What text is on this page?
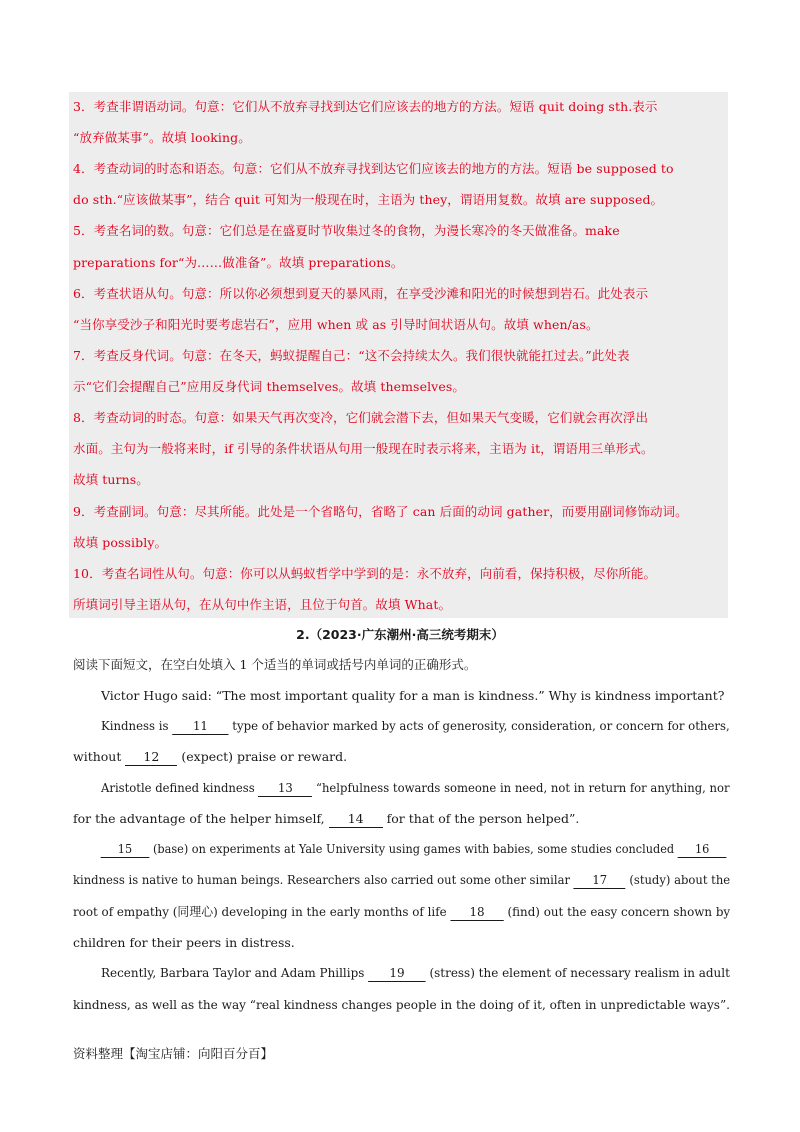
3．考查非谓语动词。句意：它们从不放弃寻找到达它们应该去的地方的方法。短语 quit doing sth.表示
“放弃做某事”。故填 looking。
4．考查动词的时态和语态。句意：它们从不放弃寻找到达它们应该去的地方的方法。短语 be supposed to
do sth.“应该做某事”，结合 quit 可知为一般现在时，主语为 they，谓语用复数。故填 are supposed。
5．考查名词的数。句意：它们总是在盛夏时节收集过冬的食物，为漫长寒冷的冬天做准备。make
preparations for“为……做准备”。故填 preparations。
6．考查状语从句。句意：所以你必须想到夏天的暴风雨，在享受沙滩和阳光的时候想到岩石。此处表示
“当你享受沙子和阳光时要考虑岩石”，应用 when 或 as 引导时间状语从句。故填 when/as。
7．考查反身代词。句意：在冬天，蚂蚁提醒自己：“这不会持续太久。我们很快就能扛过去。”此处表
示“它们会提醒自己”应用反身代词 themselves。故填 themselves。
8．考查动词的时态。句意：如果天气再次变冷，它们就会潜下去，但如果天气变暖，它们就会再次浮出
水面。主句为一般将来时，if 引导的条件状语从句用一般现在时表示将来，主语为 it，谓语用三单形式。
故填 turns。
9．考查副词。句意：尽其所能。此处是一个省略句，省略了 can 后面的动词 gather，而要用副词修饰动词。
故填 possibly。
10．考查名词性从句。句意：你可以从蚂蚁哲学中学到的是：永不放弃，向前看，保持积极，尽你所能。
所填词引导主语从句，在从句中作主语，且位于句首。故填 What。
2.（2023·广东潮州·高三统考期末）
阅读下面短文，在空白处填入 1 个适当的单词或括号内单词的正确形式。
Victor Hugo said: “The most important quality for a man is kindness.” Why is kindness important?
Kindness is 11 type of behavior marked by acts of generosity, consideration, or concern for others,
without 12 (expect) praise or reward.
Aristotle defined kindness 13 “helpfulness towards someone in need, not in return for anything, nor
for the advantage of the helper himself, 14 for that of the person helped”.
15 (base) on experiments at Yale University using games with babies, some studies concluded 16
kindness is native to human beings. Researchers also carried out some other similar 17 (study) about the
root of empathy (同理心) developing in the early months of life 18 (find) out the easy concern shown by
children for their peers in distress.
Recently, Barbara Taylor and Adam Phillips 19 (stress) the element of necessary realism in adult
kindness, as well as the way “real kindness changes people in the doing of it, often in unpredictable ways”.
资料整理【淘宝店铺：向阳百分百】
